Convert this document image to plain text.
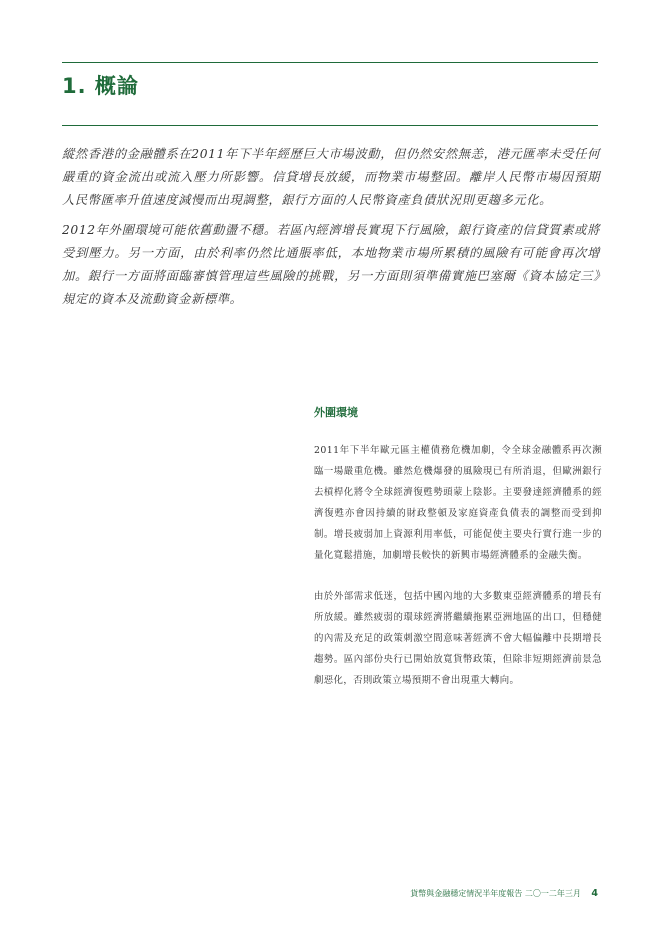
1. 概論

縱然香港的金融體系在2011年下半年經歷巨大市場波動，但仍然安然無恙，港元匯率未受任何嚴重的資金流出或流入壓力所影響。信貸增長放緩，而物業市場整固。離岸人民幣市場因預期人民幣匯率升值速度減慢而出現調整，銀行方面的人民幣資產負債狀況則更趨多元化。

2012年外圍環境可能依舊動盪不穩。若區內經濟增長實現下行風險，銀行資產的信貸質素或將受到壓力。另一方面，由於利率仍然比通脹率低，本地物業市場所累積的風險有可能會再次增加。銀行一方面將面臨審慎管理這些風險的挑戰，另一方面則須準備實施巴塞爾《資本協定三》規定的資本及流動資金新標準。

外圍環境

2011年下半年歐元區主權債務危機加劇，令全球金融體系再次瀕臨一場嚴重危機。雖然危機爆發的風險現已有所消退，但歐洲銀行去槓桿化將令全球經濟復甦勢頭蒙上陰影。主要發達經濟體系的經濟復甦亦會因持續的財政整頓及家庭資產負債表的調整而受到抑制。增長疲弱加上資源利用率低，可能促使主要央行實行進一步的量化寬鬆措施，加劇增長較快的新興市場經濟體系的金融失衡。

由於外部需求低迷，包括中國內地的大多數東亞經濟體系的增長有所放緩。雖然疲弱的環球經濟將繼續拖累亞洲地區的出口，但穩健的內需及充足的政策刺激空間意味著經濟不會大幅偏離中長期增長趨勢。區內部份央行已開始放寬貨幣政策，但除非短期經濟前景急劇惡化，否則政策立場預期不會出現重大轉向。

貨幣與金融穩定情況半年度報告 二〇一二年三月 4
